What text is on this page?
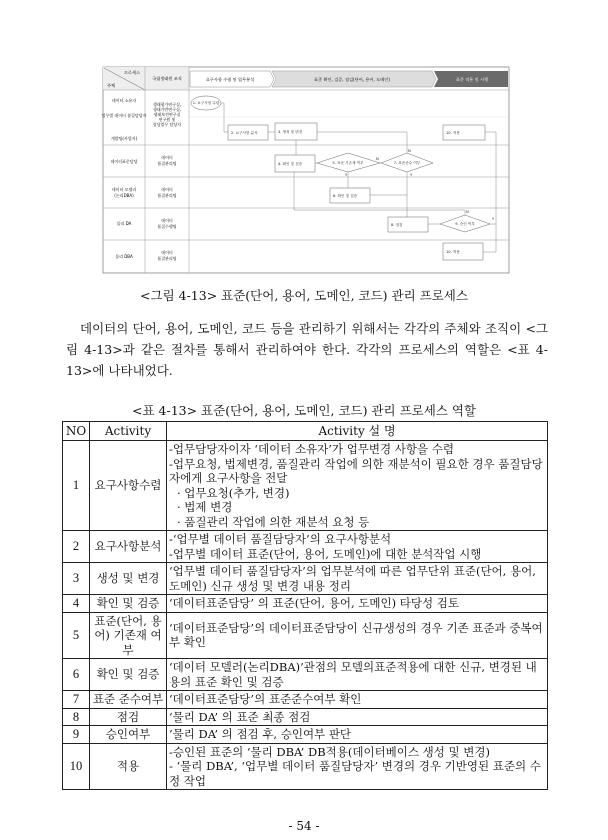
프로세스
주체
국립생태원 조직	요구사항 수렴 및 업무분석	표준 확인, 검증, 점검(단어, 용어, 도메인)	표준 적용 및 시행
데이터 소유자
업무별 데이터 품질담당자
개발팀(사업자)
생태평가연구실,
생태기반연구실,
생태보전연구실
연구원 및
상담업무 담당자
데이터표준담당
데이터
품질관리팀
데이터 모델러
(논리DBA)
데이터
품질관리팀
물리 DA
데이터
품질수행팀
물리 DBA
데이터
품질관리팀
1. 요구사항 수렴
2. 요구사항 분석	3. 생성 및 변경	10. 적용
4. 확인 및 검증	5. 표준 기존재 여부	7. 표준준수 여부
6. 확인 및 검증
8. 점검	9. 승인 여부
10. 적용
N
Y
N
Y
N
Y
<그림 4-13> 표준(단어, 용어, 도메인, 코드) 관리 프로세스
데이터의 단어, 용어, 도메인, 코드 등을 관리하기 위해서는 각각의 주체와 조직이 <그림 4-13>과 같은 절차를 통해서 관리하여야 한다. 각각의 프로세스의 역할은 <표 4-13>에 나타내었다.
<표 4-13> 표준(단어, 용어, 도메인, 코드) 관리 프로세스 역할
NO	Activity	Activity 설 명
1	요구사항수렴	-업무담당자이자 ‘데이터 소유자’가 업무변경 사항을 수렴
-업무요청, 법제변경, 품질관리 작업에 의한 재분석이 필요한 경우 품질담당자에게 요구사항을 전달
· 업무요청(추가, 변경)
· 법제 변경
· 품질관리 작업에 의한 재분석 요청 등

2	요구사항분석	-‘업무별 데이터 품질담당자’의 요구사항분석
-업무별 데이터 표준(단어, 용어, 도메인)에 대한 분석작업 시행

3	생성 및 변경	‘업무별 데이터 품질담당자’의 업무분석에 따른 업무단위 표준(단어, 용어, 도메인) 신규 생성 및 변경 내용 정리

4	확인 및 검증	‘데이터표준담당’ 의 표준(단어, 용어, 도메인) 타당성 검토

5	표준(단어, 용어) 기존재 여부	‘데이터표준담당’의 데이터표준담당이 신규생성의 경우 기존 표준과 중복여부 확인

6	확인 및 검증	‘데이터 모델러(논리DBA)’관점의 모델의표준적용에 대한 신규, 변경된 내용의 표준 확인 및 검증

7	표준 준수여부	‘데이터표준담당’의 표준준수여부 확인

8	점검	‘물리 DA’ 의 표준 최종 점검

9	승인여부	‘물리 DA’ 의 점검 후, 승인여부 판단

10	적용	-승인된 표준의 ‘물리 DBA’ DB적용(데이터베이스 생성 및 변경)
- ‘물리 DBA’, ‘업무별 데이터 품질담당자’ 변경의 경우 기반영된 표준의 수정 작업
- 54 -
